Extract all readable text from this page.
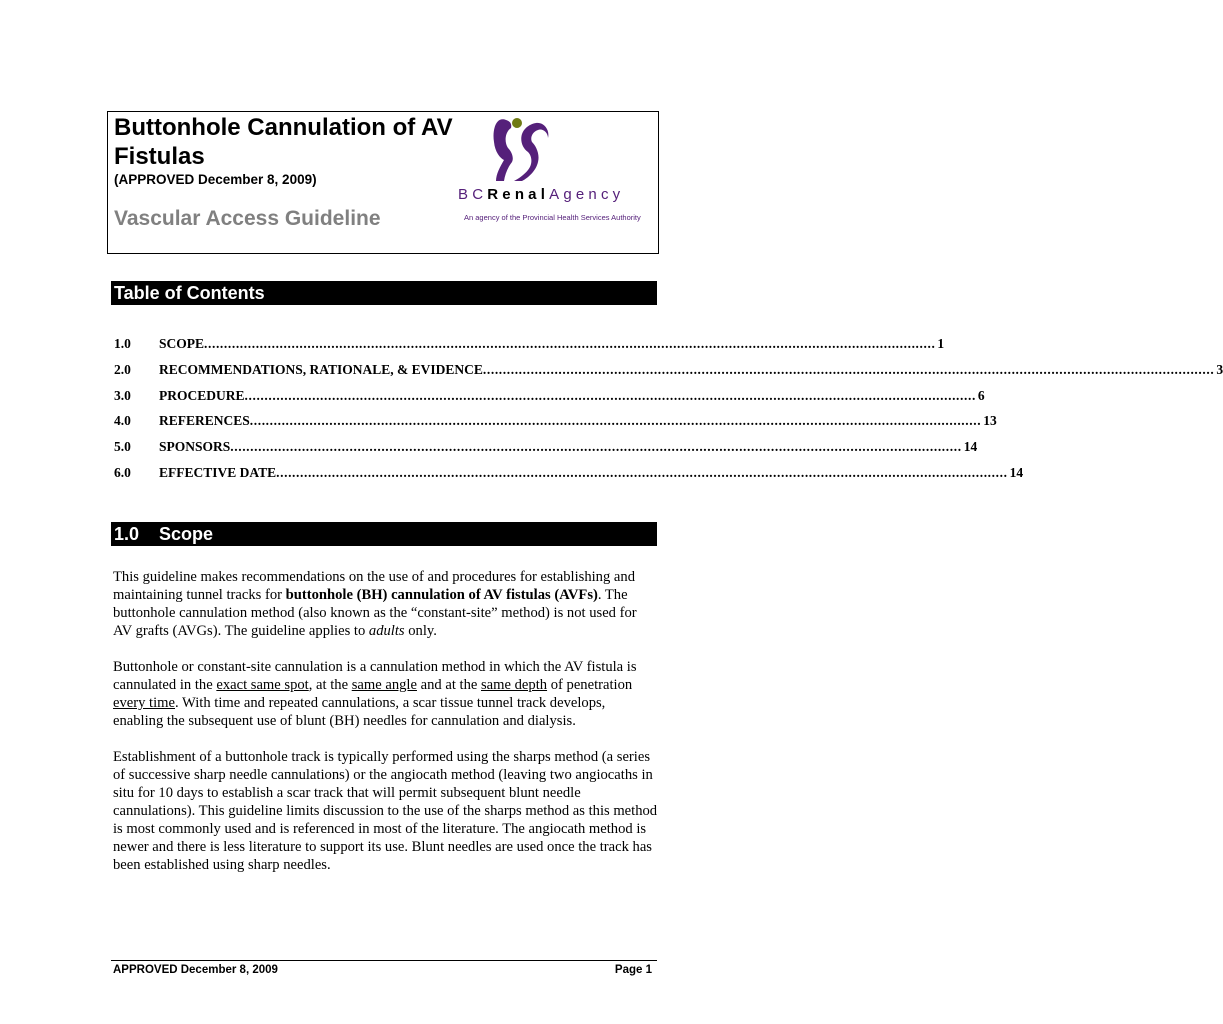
Buttonhole Cannulation of AV Fistulas
(APPROVED December 8, 2009)
Vascular Access Guideline
BCRenalAgency
An agency of the Provincial Health Services Authority
Table of Contents
1.0	SCOPE ........................................................................................................................................................................................ 1
2.0	RECOMMENDATIONS, RATIONALE, & EVIDENCE ........................................................................................................................................................................................ 3
3.0	PROCEDURE ........................................................................................................................................................................................ 6
4.0	REFERENCES ........................................................................................................................................................................................ 13
5.0	SPONSORS ........................................................................................................................................................................................ 14
6.0	EFFECTIVE DATE ........................................................................................................................................................................................ 14
1.0 Scope

This guideline makes recommendations on the use of and procedures for establishing and maintaining tunnel tracks for buttonhole (BH) cannulation of AV fistulas (AVFs). The buttonhole cannulation method (also known as the “constant-site” method) is not used for AV grafts (AVGs). The guideline applies to adults only.

Buttonhole or constant-site cannulation is a cannulation method in which the AV fistula is cannulated in the exact same spot, at the same angle and at the same depth of penetration every time. With time and repeated cannulations, a scar tissue tunnel track develops, enabling the subsequent use of blunt (BH) needles for cannulation and dialysis.

Establishment of a buttonhole track is typically performed using the sharps method (a series of successive sharp needle cannulations) or the angiocath method (leaving two angiocaths in situ for 10 days to establish a scar track that will permit subsequent blunt needle cannulations). This guideline limits discussion to the use of the sharps method as this method is most commonly used and is referenced in most of the literature. The angiocath method is newer and there is less literature to support its use. Blunt needles are used once the track has been established using sharp needles.

APPROVED December 8, 2009	Page 1
